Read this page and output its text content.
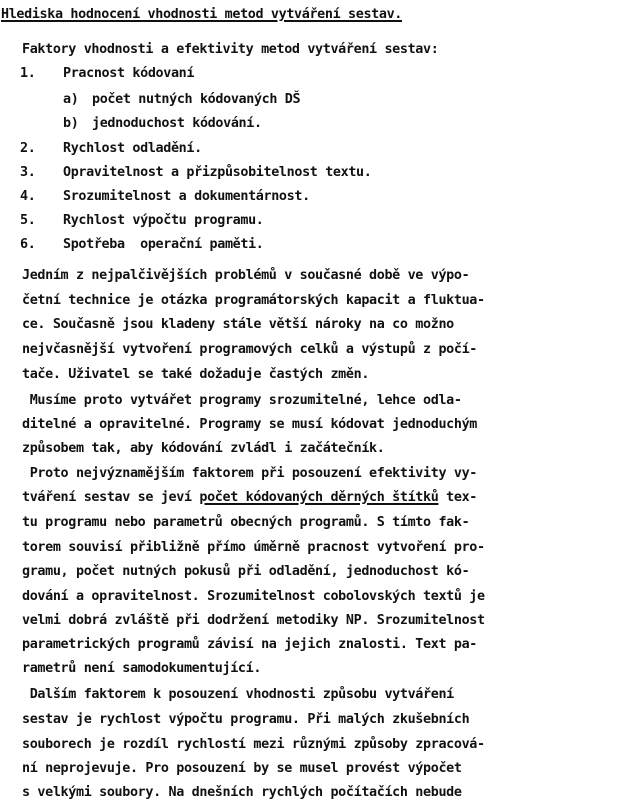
Hlediska hodnocení vhodnosti metod vytváření sestav.
Faktory vhodnosti a efektivity metod vytváření sestav:
1. Pracnost kódovaní
a) počet nutných kódovaných DŠ
b) jednoduchost kódování.
2. Rychlost odladění.
3. Opravitelnost a přizpůsobitelnost textu.
4. Srozumitelnost a dokumentárnost.
5. Rychlost výpočtu programu.
6. Spotřeba  operační paměti.
Jedním z nejpalčivějších problémů v současné době ve výpo-
četní technice je otázka programátorských kapacit a fluktua-
ce. Současně jsou kladeny stále větší nároky na co možno
nejvčasnější vytvoření programových celků a výstupů z počí-
tače. Uživatel se také dožaduje častých změn.
Musíme proto vytvářet programy srozumitelné, lehce odla-
ditelné a opravitelné. Programy se musí kódovat jednoduchým
způsobem tak, aby kódování zvládl i začátečník.
Proto nejvýznamějším faktorem při posouzení efektivity vy-
tváření sestav se jeví počet kódovaných děrných štítků tex-
tu programu nebo parametrů obecných programů. S tímto fak-
torem souvisí přibližně přímo úměrně pracnost vytvoření pro-
gramu, počet nutných pokusů při odladění, jednoduchost kó-
dování a opravitelnost. Srozumitelnost cobolovských textů je
velmi dobrá zvláště při dodržení metodiky NP. Srozumitelnost
parametrických programů závisí na jejich znalosti. Text pa-
rametrů není samodokumentující.
Dalším faktorem k posouzení vhodnosti způsobu vytváření
sestav je rychlost výpočtu programu. Při malých zkušebních
souborech je rozdíl rychlostí mezi různými způsoby zpracová-
ní neprojevuje. Pro posouzení by se musel provést výpočet
s velkými soubory. Na dnešních rychlých počítačích nebude
